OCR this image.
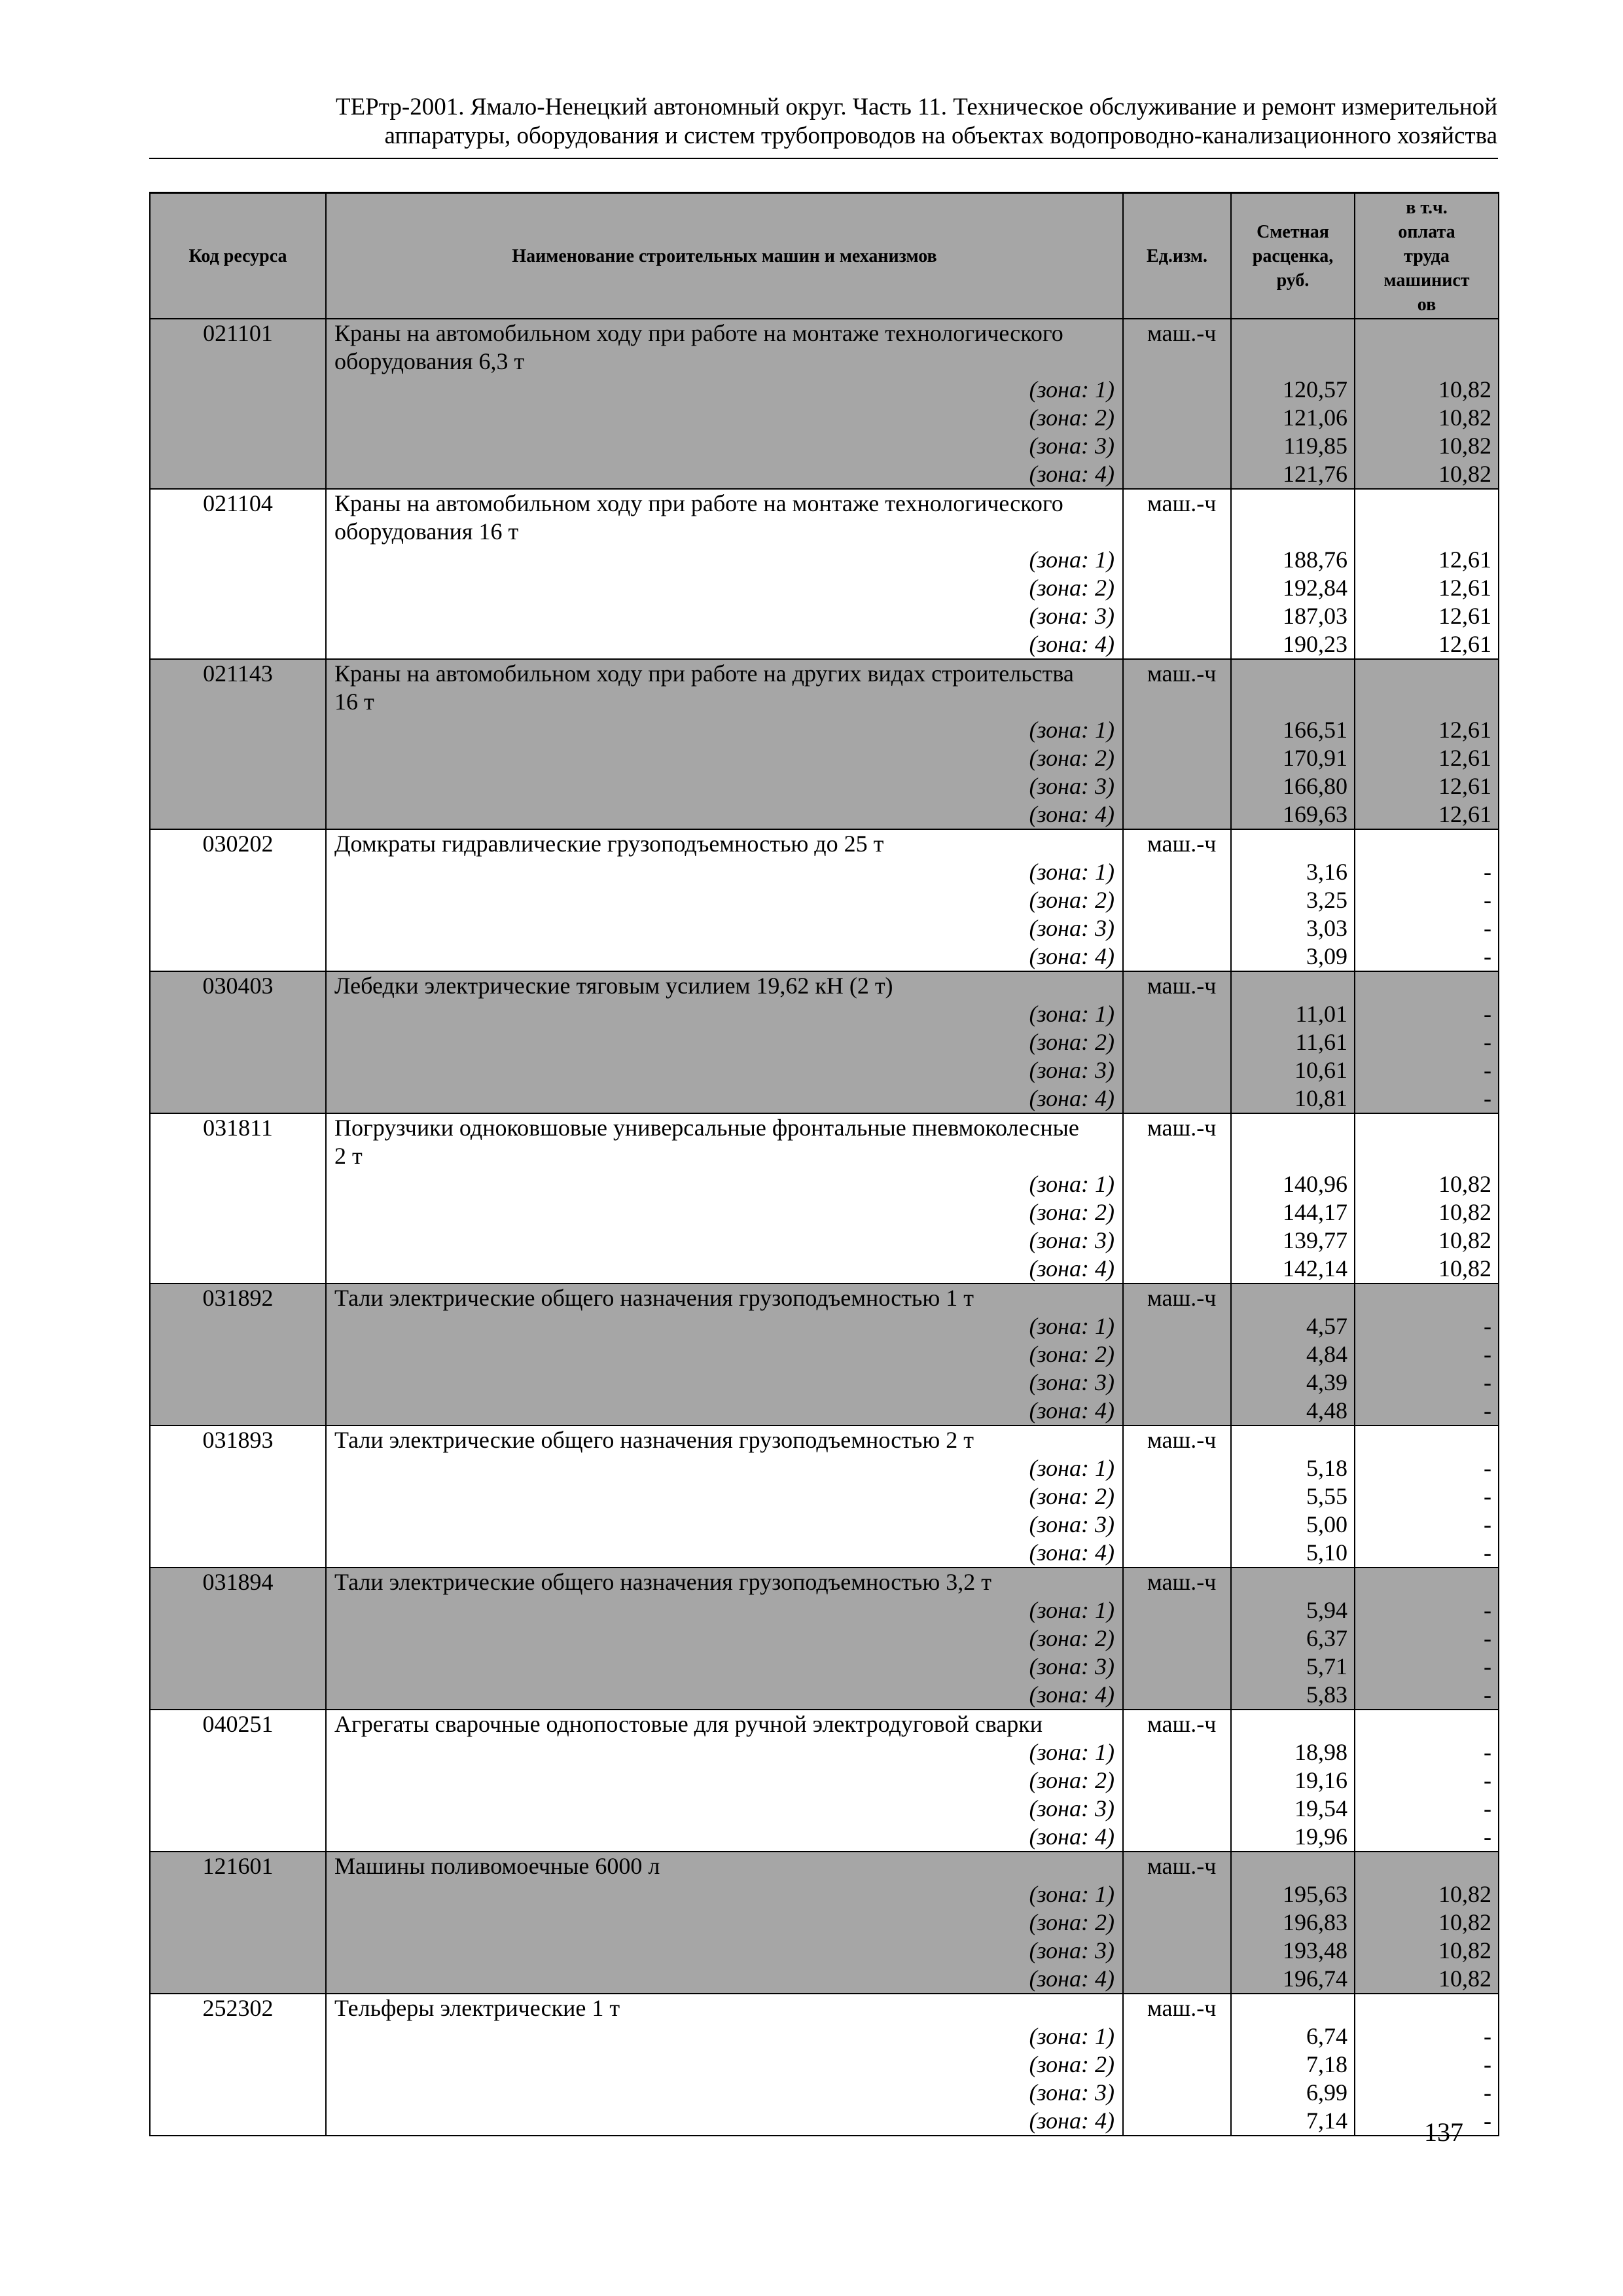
ТЕРтр-2001. Ямало-Ненецкий автономный округ. Часть 11. Техническое обслуживание и ремонт измерительной
аппаратуры, оборудования и систем трубопроводов на объектах водопроводно-канализационного хозяйства
Код ресурса	Наименование строительных машин и механизмов	Ед.изм.	Сметная
расценка,
руб.	в т.ч.
оплата
труда
машинист
ов
021101	Краны на автомобильном ходу при работе на монтаже технологического	маш.-ч		
	оборудования 6,3 т			
	(зона: 1)		120,57	10,82
	(зона: 2)		121,06	10,82
	(зона: 3)		119,85	10,82
	(зона: 4)		121,76	10,82
021104	Краны на автомобильном ходу при работе на монтаже технологического	маш.-ч		
	оборудования 16 т			
	(зона: 1)		188,76	12,61
	(зона: 2)		192,84	12,61
	(зона: 3)		187,03	12,61
	(зона: 4)		190,23	12,61
021143	Краны на автомобильном ходу при работе на других видах строительства	маш.-ч		
	16 т			
	(зона: 1)		166,51	12,61
	(зона: 2)		170,91	12,61
	(зона: 3)		166,80	12,61
	(зона: 4)		169,63	12,61
030202	Домкраты гидравлические грузоподъемностью до 25 т	маш.-ч		
	(зона: 1)		3,16	-
	(зона: 2)		3,25	-
	(зона: 3)		3,03	-
	(зона: 4)		3,09	-
030403	Лебедки электрические тяговым усилием 19,62 кН (2 т)	маш.-ч		
	(зона: 1)		11,01	-
	(зона: 2)		11,61	-
	(зона: 3)		10,61	-
	(зона: 4)		10,81	-
031811	Погрузчики одноковшовые универсальные фронтальные пневмоколесные	маш.-ч		
	2 т			
	(зона: 1)		140,96	10,82
	(зона: 2)		144,17	10,82
	(зона: 3)		139,77	10,82
	(зона: 4)		142,14	10,82
031892	Тали электрические общего назначения грузоподъемностью 1 т	маш.-ч		
	(зона: 1)		4,57	-
	(зона: 2)		4,84	-
	(зона: 3)		4,39	-
	(зона: 4)		4,48	-
031893	Тали электрические общего назначения грузоподъемностью 2 т	маш.-ч		
	(зона: 1)		5,18	-
	(зона: 2)		5,55	-
	(зона: 3)		5,00	-
	(зона: 4)		5,10	-
031894	Тали электрические общего назначения грузоподъемностью 3,2 т	маш.-ч		
	(зона: 1)		5,94	-
	(зона: 2)		6,37	-
	(зона: 3)		5,71	-
	(зона: 4)		5,83	-
040251	Агрегаты сварочные однопостовые для ручной электродуговой сварки	маш.-ч		
	(зона: 1)		18,98	-
	(зона: 2)		19,16	-
	(зона: 3)		19,54	-
	(зона: 4)		19,96	-
121601	Машины поливомоечные 6000 л	маш.-ч		
	(зона: 1)		195,63	10,82
	(зона: 2)		196,83	10,82
	(зона: 3)		193,48	10,82
	(зона: 4)		196,74	10,82
252302	Тельферы электрические 1 т	маш.-ч		
	(зона: 1)		6,74	-
	(зона: 2)		7,18	-
	(зона: 3)		6,99	-
	(зона: 4)		7,14	-
137
